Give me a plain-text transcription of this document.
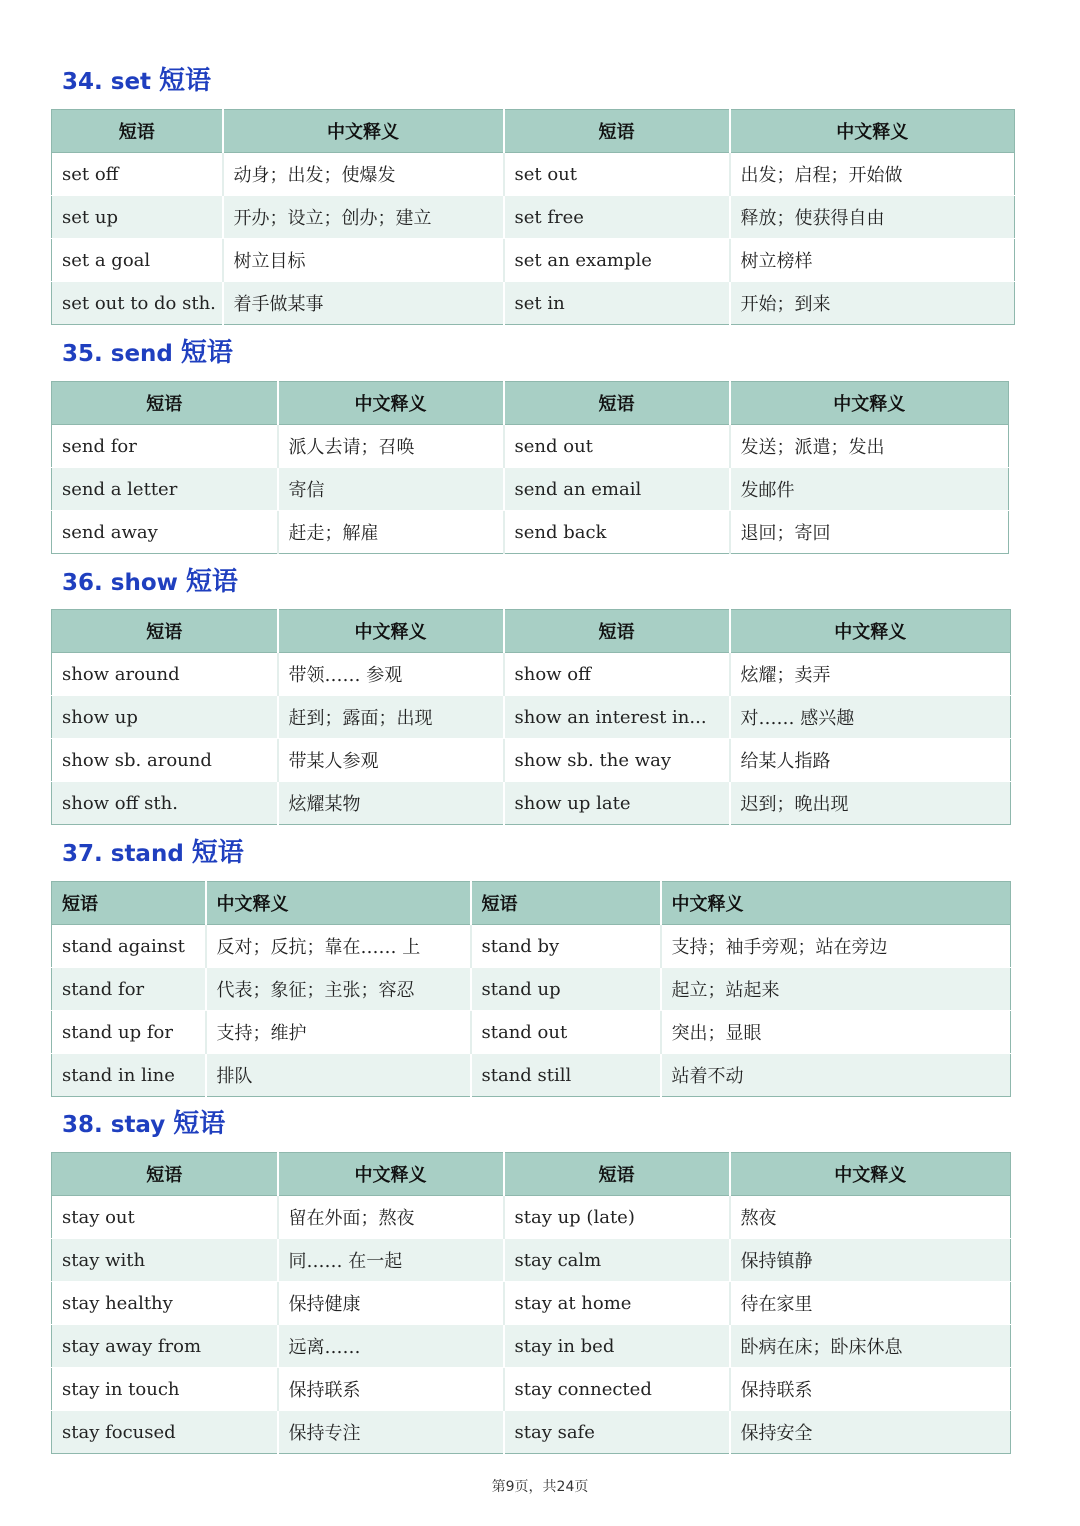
34. set 短语
短语	中文释义	短语	中文释义
set off	动身；出发；使爆发	set out	出发；启程；开始做
set up	开办；设立；创办；建立	set free	释放；使获得自由
set a goal	树立目标	set an example	树立榜样
set out to do sth.	着手做某事	set in	开始；到来
35. send 短语
短语	中文释义	短语	中文释义
send for	派人去请；召唤	send out	发送；派遣；发出
send a letter	寄信	send an email	发邮件
send away	赶走；解雇	send back	退回；寄回
36. show 短语
短语	中文释义	短语	中文释义
show around	带领…… 参观	show off	炫耀；卖弄
show up	赶到；露面；出现	show an interest in...	对…… 感兴趣
show sb. around	带某人参观	show sb. the way	给某人指路
show off sth.	炫耀某物	show up late	迟到；晚出现
37. stand 短语
短语	中文释义	短语	中文释义
stand against	反对；反抗；靠在…… 上	stand by	支持；袖手旁观；站在旁边
stand for	代表；象征；主张；容忍	stand up	起立；站起来
stand up for	支持；维护	stand out	突出；显眼
stand in line	排队	stand still	站着不动
38. stay 短语
短语	中文释义	短语	中文释义
stay out	留在外面；熬夜	stay up (late)	熬夜
stay with	同…… 在一起	stay calm	保持镇静
stay healthy	保持健康	stay at home	待在家里
stay away from	远离……	stay in bed	卧病在床；卧床休息
stay in touch	保持联系	stay connected	保持联系
stay focused	保持专注	stay safe	保持安全
第9页，共24页
